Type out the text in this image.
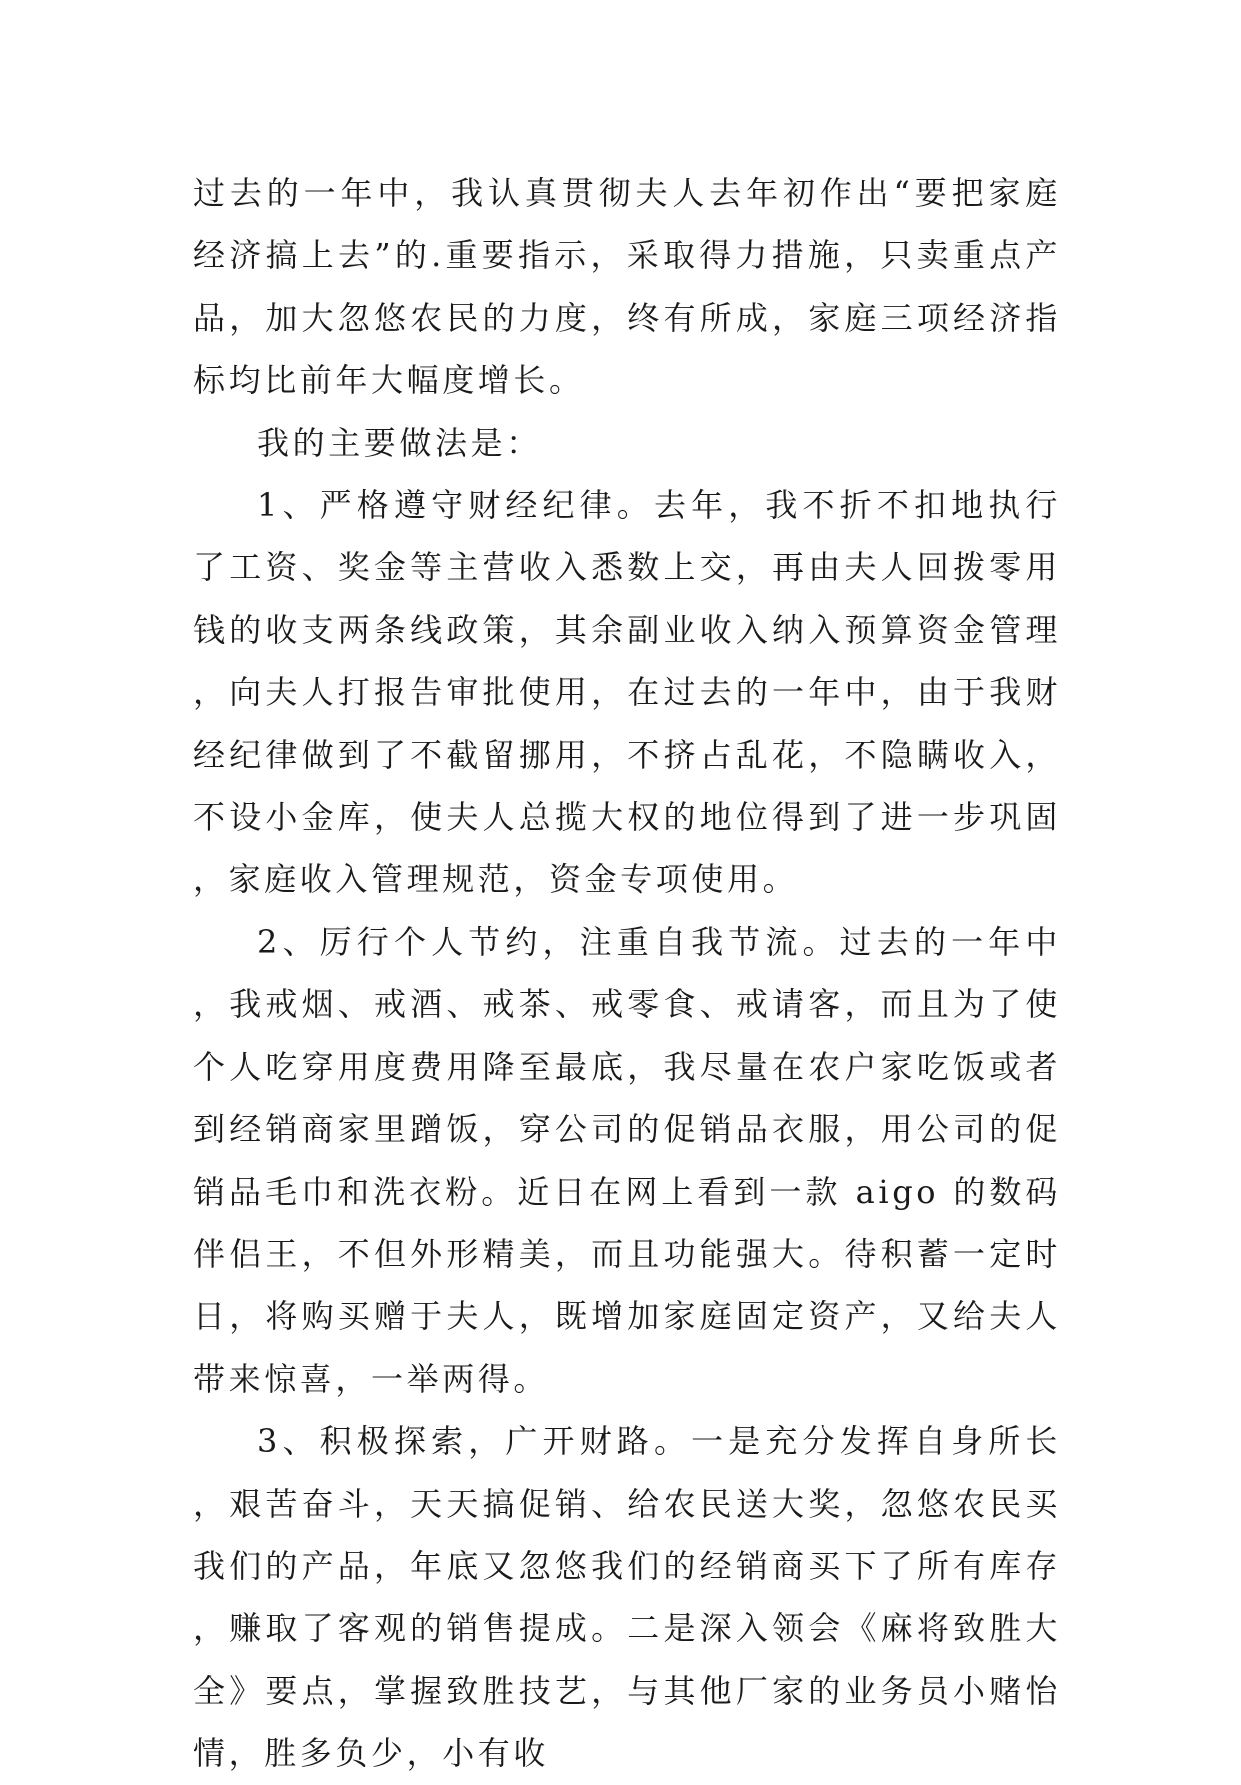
过去的一年中，我认真贯彻夫人去年初作出“要把家庭经济搞上去”的.重要指示，采取得力措施，只卖重点产品，加大忽悠农民的力度，终有所成，家庭三项经济指标均比前年大幅度增长。

我的主要做法是：

1、严格遵守财经纪律。去年，我不折不扣地执行了工资、奖金等主营收入悉数上交，再由夫人回拨零用钱的收支两条线政策，其余副业收入纳入预算资金管理，向夫人打报告审批使用，在过去的一年中，由于我财经纪律做到了不截留挪用，不挤占乱花，不隐瞒收入，不设小金库，使夫人总揽大权的地位得到了进一步巩固，家庭收入管理规范，资金专项使用。

2、厉行个人节约，注重自我节流。过去的一年中，我戒烟、戒酒、戒茶、戒零食、戒请客，而且为了使个人吃穿用度费用降至最底，我尽量在农户家吃饭或者到经销商家里蹭饭，穿公司的促销品衣服，用公司的促销品毛巾和洗衣粉。近日在网上看到一款 aigo 的数码伴侣王，不但外形精美，而且功能强大。待积蓄一定时日，将购买赠于夫人，既增加家庭固定资产，又给夫人带来惊喜，一举两得。

3、积极探索，广开财路。一是充分发挥自身所长，艰苦奋斗，天天搞促销、给农民送大奖，忽悠农民买我们的产品，年底又忽悠我们的经销商买下了所有库存，赚取了客观的销售提成。二是深入领会《麻将致胜大全》要点，掌握致胜技艺，与其他厂家的业务员小赌怡情，胜多负少，小有收
